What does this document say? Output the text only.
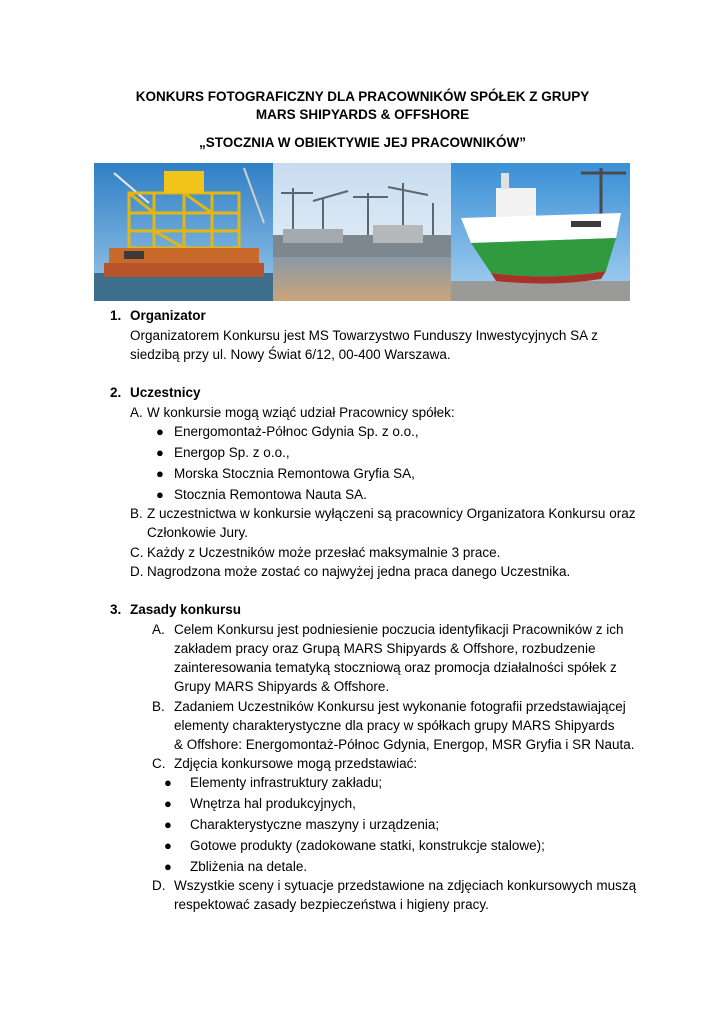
KONKURS FOTOGRAFICZNY DLA PRACOWNIKÓW SPÓŁEK Z GRUPY
MARS SHIPYARDS & OFFSHORE
„STOCZNIA W OBIEKTYWIE JEJ PRACOWNIKÓW”
1. Organizator
Organizatorem Konkursu jest MS Towarzystwo Funduszy Inwestycyjnych SA z
siedzibą przy ul. Nowy Świat 6/12, 00-400 Warszawa.
2. Uczestnicy
A. W konkursie mogą wziąć udział Pracownicy spółek:
● Energomontaż-Północ Gdynia Sp. z o.o.,
● Energop Sp. z o.o.,
● Morska Stocznia Remontowa Gryfia SA,
● Stocznia Remontowa Nauta SA.
B. Z uczestnictwa w konkursie wyłączeni są pracownicy Organizatora Konkursu oraz
Członkowie Jury.
C. Każdy z Uczestników może przesłać maksymalnie 3 prace.
D. Nagrodzona może zostać co najwyżej jedna praca danego Uczestnika.
3. Zasady konkursu
A. Celem Konkursu jest podniesienie poczucia identyfikacji Pracowników z ich
zakładem pracy oraz Grupą MARS Shipyards & Offshore, rozbudzenie
zainteresowania tematyką stoczniową oraz promocja działalności spółek z
Grupy MARS Shipyards & Offshore.
B. Zadaniem Uczestników Konkursu jest wykonanie fotografii przedstawiającej
elementy charakterystyczne dla pracy w spółkach grupy MARS Shipyards
& Offshore: Energomontaż-Północ Gdynia, Energop, MSR Gryfia i SR Nauta.
C. Zdjęcia konkursowe mogą przedstawiać:
● Elementy infrastruktury zakładu;
● Wnętrza hal produkcyjnych,
● Charakterystyczne maszyny i urządzenia;
● Gotowe produkty (zadokowane statki, konstrukcje stalowe);
● Zbliżenia na detale.
D. Wszystkie sceny i sytuacje przedstawione na zdjęciach konkursowych muszą
respektować zasady bezpieczeństwa i higieny pracy.
